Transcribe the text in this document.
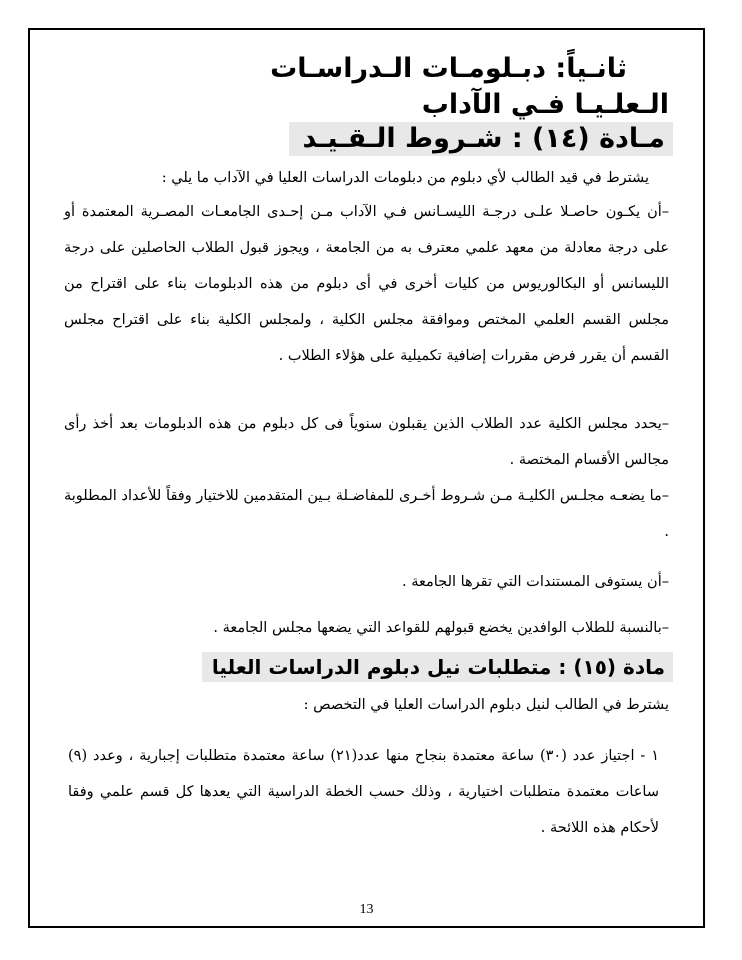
ثانـياً: دبـلومـات الـدراسـات
الـعلـيـا فـي الآداب
مـادة (١٤) : شـروط الـقـيـد

يشترط في قيد الطالب لأي دبلوم من دبلومات الدراسات العليا في الآداب ما يلي :

–أن يكـون حاصـلا علـى درجـة الليسـانس فـي الآداب مـن إحـدى الجامعـات المصـرية المعتمدة أو على درجة معادلة من معهد علمي معترف به من الجامعة ، ويجوز قبول الطلاب الحاصلين على درجة الليسانس أو البكالوريوس من كليات أخرى في أى دبلوم من هذه الدبلومات بناء على اقتراح من مجلس القسم العلمي المختص وموافقة مجلس الكلية ، ولمجلس الكلية بناء على اقتراح مجلس القسم أن يقرر فرض مقررات إضافية تكميلية على هؤلاء الطلاب .

–يحدد مجلس الكلية عدد الطلاب الذين يقبلون سنوياً فى كل دبلوم من هذه الدبلومات بعد أخذ رأى مجالس الأقسام المختصة .

–ما يضعـه مجلـس الكليـة مـن شـروط أخـرى للمفاضـلة بـين المتقدمين للاختيار وفقاً للأعداد المطلوبة .

–أن يستوفى المستندات التي تقرها الجامعة .

–بالنسبة للطلاب الوافدين يخضع قبولهم للقواعد التي يضعها مجلس الجامعة .

مادة (١٥) : متطلبات نيل دبلوم الدراسات العليا

يشترط في الطالب لنيل دبلوم الدراسات العليا في التخصص :

١ - اجتياز عدد (٣٠) ساعة معتمدة بنجاح منها عدد(٢١) ساعة معتمدة متطلبات إجبارية ، وعدد (٩) ساعات معتمدة متطلبات اختيارية ، وذلك حسب الخطة الدراسية التي يعدها كل قسم علمي وفقا لأحكام هذه اللائحة .

13
